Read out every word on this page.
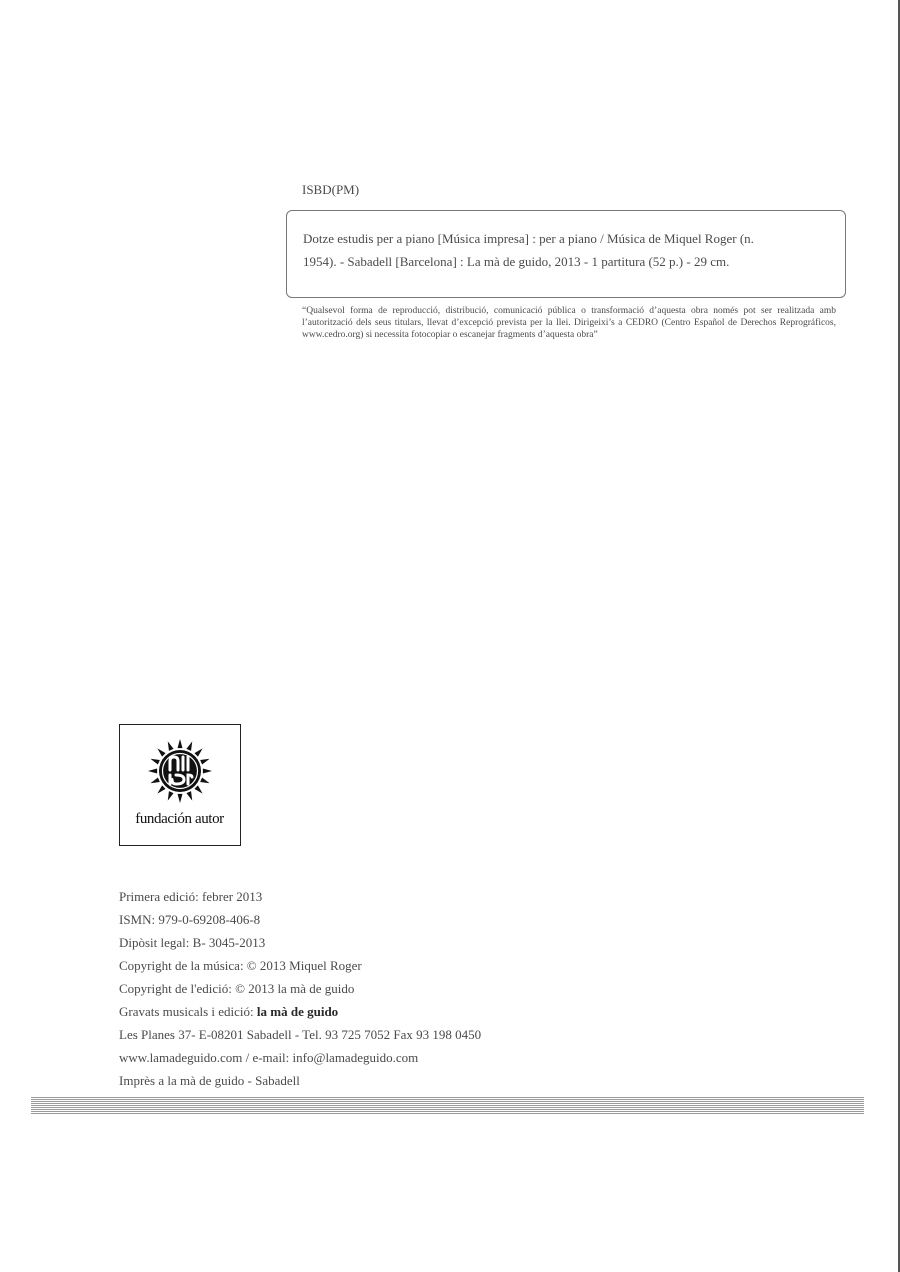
ISBD(PM)
Dotze estudis per a piano [Música impresa] : per a piano / Música de Miquel Roger (n.
1954). - Sabadell [Barcelona] : La mà de guido, 2013 - 1 partitura (52 p.) - 29 cm.
“Qualsevol forma de reproducció, distribució, comunicació pública o transformació d’aquesta obra només pot ser realitzada amb l’autorització dels seus titulars, llevat d’excepció prevista per la llei. Dirigeixi’s a CEDRO (Centro Español de Derechos Reprográficos, www.cedro.org) si necessita fotocopiar o escanejar fragments d’aquesta obra”
fundación autor
Primera edició: febrer 2013
ISMN: 979-0-69208-406-8
Dipòsit legal: B- 3045-2013
Copyright de la música: © 2013 Miquel Roger
Copyright de l'edició: © 2013 la mà de guido
Gravats musicals i edició: la mà de guido
Les Planes 37- E-08201 Sabadell - Tel. 93 725 7052 Fax 93 198 0450
www.lamadeguido.com / e-mail: info@lamadeguido.com
Imprès a la mà de guido - Sabadell
